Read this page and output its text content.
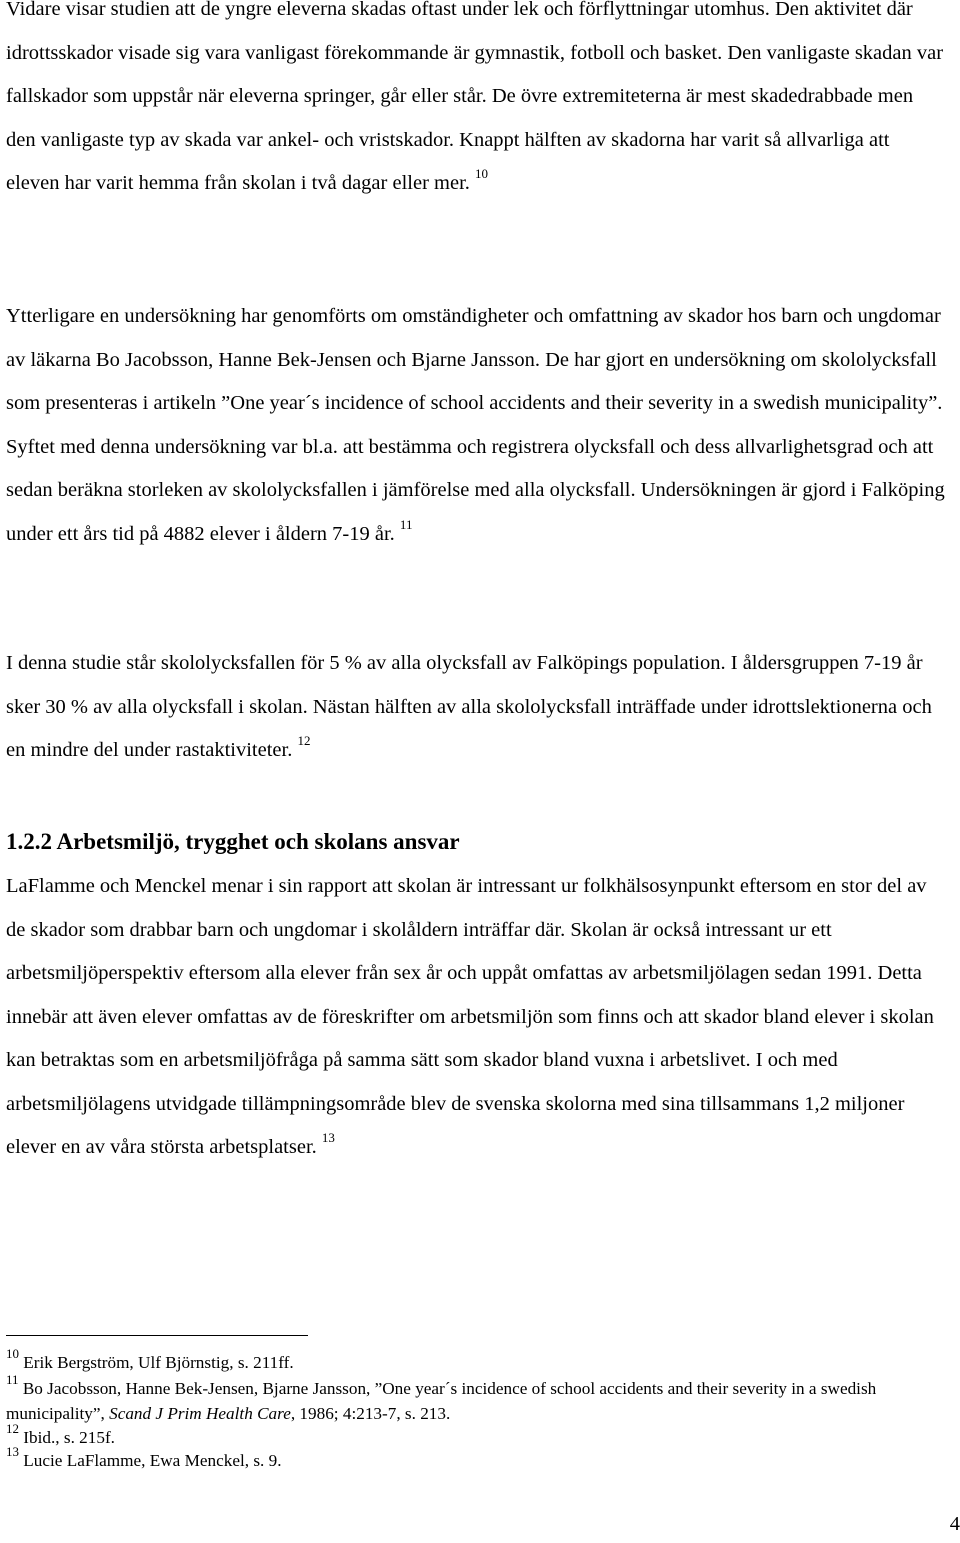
Vidare visar studien att de yngre eleverna skadas oftast under lek och förflyttningar utomhus. Den aktivitet där idrottsskador visade sig vara vanligast förekommande är gymnastik, fotboll och basket. Den vanligaste skadan var fallskador som uppstår när eleverna springer, går eller står. De övre extremiteterna är mest skadedrabbade men den vanligaste typ av skada var ankel- och vristskador. Knappt hälften av skadorna har varit så allvarliga att eleven har varit hemma från skolan i två dagar eller mer. $^{10}$

Ytterligare en undersökning har genomförts om omständigheter och omfattning av skador hos barn och ungdomar av läkarna Bo Jacobsson, Hanne Bek-Jensen och Bjarne Jansson. De har gjort en undersökning om skololycksfall som presenteras i artikeln ”One year´s incidence of school accidents and their severity in a swedish municipality”. Syftet med denna undersökning var bl.a. att bestämma och registrera olycksfall och dess allvarlighetsgrad och att sedan beräkna storleken av skololycksfallen i jämförelse med alla olycksfall. Undersökningen är gjord i Falköping under ett års tid på 4882 elever i åldern 7-19 år. $^{11}$

I denna studie står skololycksfallen för 5 % av alla olycksfall av Falköpings population. I åldersgruppen 7-19 år sker 30 % av alla olycksfall i skolan. Nästan hälften av alla skololycksfall inträffade under idrottslektionerna och en mindre del under rastaktiviteter. $^{12}$

1.2.2 Arbetsmiljö, trygghet och skolans ansvar

LaFlamme och Menckel menar i sin rapport att skolan är intressant ur folkhälsosynpunkt eftersom en stor del av de skador som drabbar barn och ungdomar i skolåldern inträffar där. Skolan är också intressant ur ett arbetsmiljöperspektiv eftersom alla elever från sex år och uppåt omfattas av arbetsmiljölagen sedan 1991. Detta innebär att även elever omfattas av de föreskrifter om arbetsmiljön som finns och att skador bland elever i skolan kan betraktas som en arbetsmiljöfråga på samma sätt som skador bland vuxna i arbetslivet. I och med arbetsmiljölagens utvidgade tillämpningsområde blev de svenska skolorna med sina tillsammans 1,2 miljoner elever en av våra största arbetsplatser. $^{13}$

$^{10}$ Erik Bergström, Ulf Björnstig, s. 211ff.

$^{11}$ Bo Jacobsson, Hanne Bek-Jensen, Bjarne Jansson, ”One year´s incidence of school accidents and their severity in a swedish municipality”, Scand J Prim Health Care, 1986; 4:213-7, s. 213.

$^{12}$ Ibid., s. 215f.

$^{13}$ Lucie LaFlamme, Ewa Menckel, s. 9.

4
